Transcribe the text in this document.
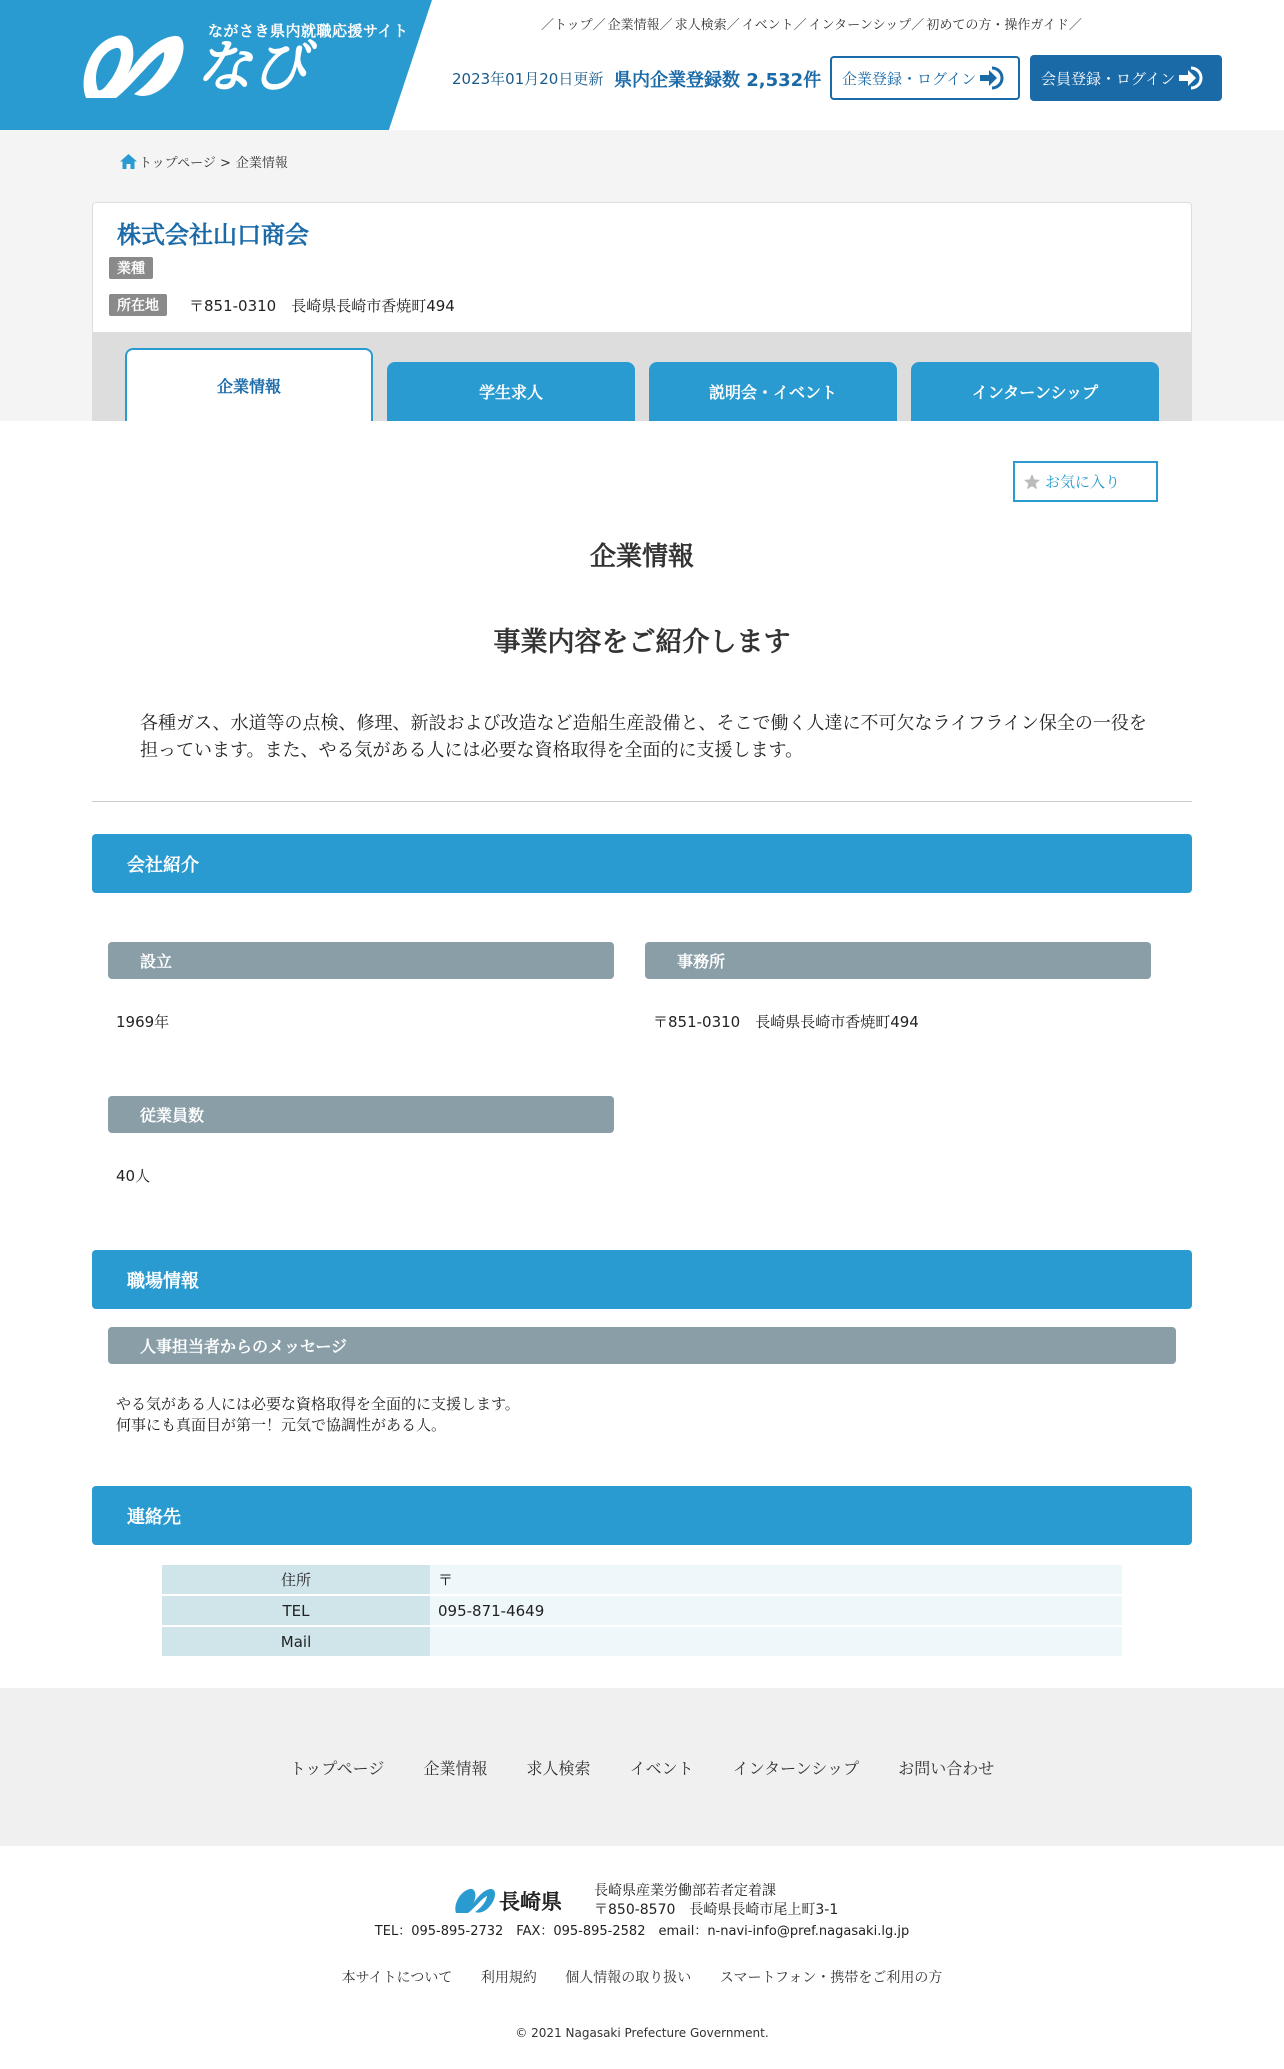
ながさき県内就職応援サイト
なび
／トップ／ 企業情報／ 求人検索／ イベント／ インターンシップ／ 初めての方・操作ガイド／
2023年01月20日更新 県内企業登録数 2,532件 企業登録・ログイン	会員登録・ログイン
トップページ > 企業情報
株式会社山口商会
業種
所在地	〒851-0310　長崎県長崎市香焼町494
企業情報	学生求人	説明会・イベント	インターンシップ
お気に入り
企業情報
事業内容をご紹介します
各種ガス、水道等の点検、修理、新設および改造など造船生産設備と、そこで働く人達に不可欠なライフライン保全の一役を担っています。また、やる気がある人には必要な資格取得を全面的に支援します。
会社紹介
設立
1969年
事務所
〒851-0310　長崎県長崎市香焼町494
従業員数
40人
職場情報
人事担当者からのメッセージ
やる気がある人には必要な資格取得を全面的に支援します。
何事にも真面目が第一！元気で協調性がある人。
連絡先
住所	〒
TEL	095-871-4649
Mail	
トップページ 企業情報 求人検索 イベント インターンシップ お問い合わせ
長崎県 長崎県産業労働部若者定着課
〒850-8570　長崎県長崎市尾上町3-1
TEL：095-895-2732　FAX：095-895-2582　email：n-navi-info@pref.nagasaki.lg.jp
本サイトについて 利用規約 個人情報の取り扱い スマートフォン・携帯をご利用の方
© 2021 Nagasaki Prefecture Government.
